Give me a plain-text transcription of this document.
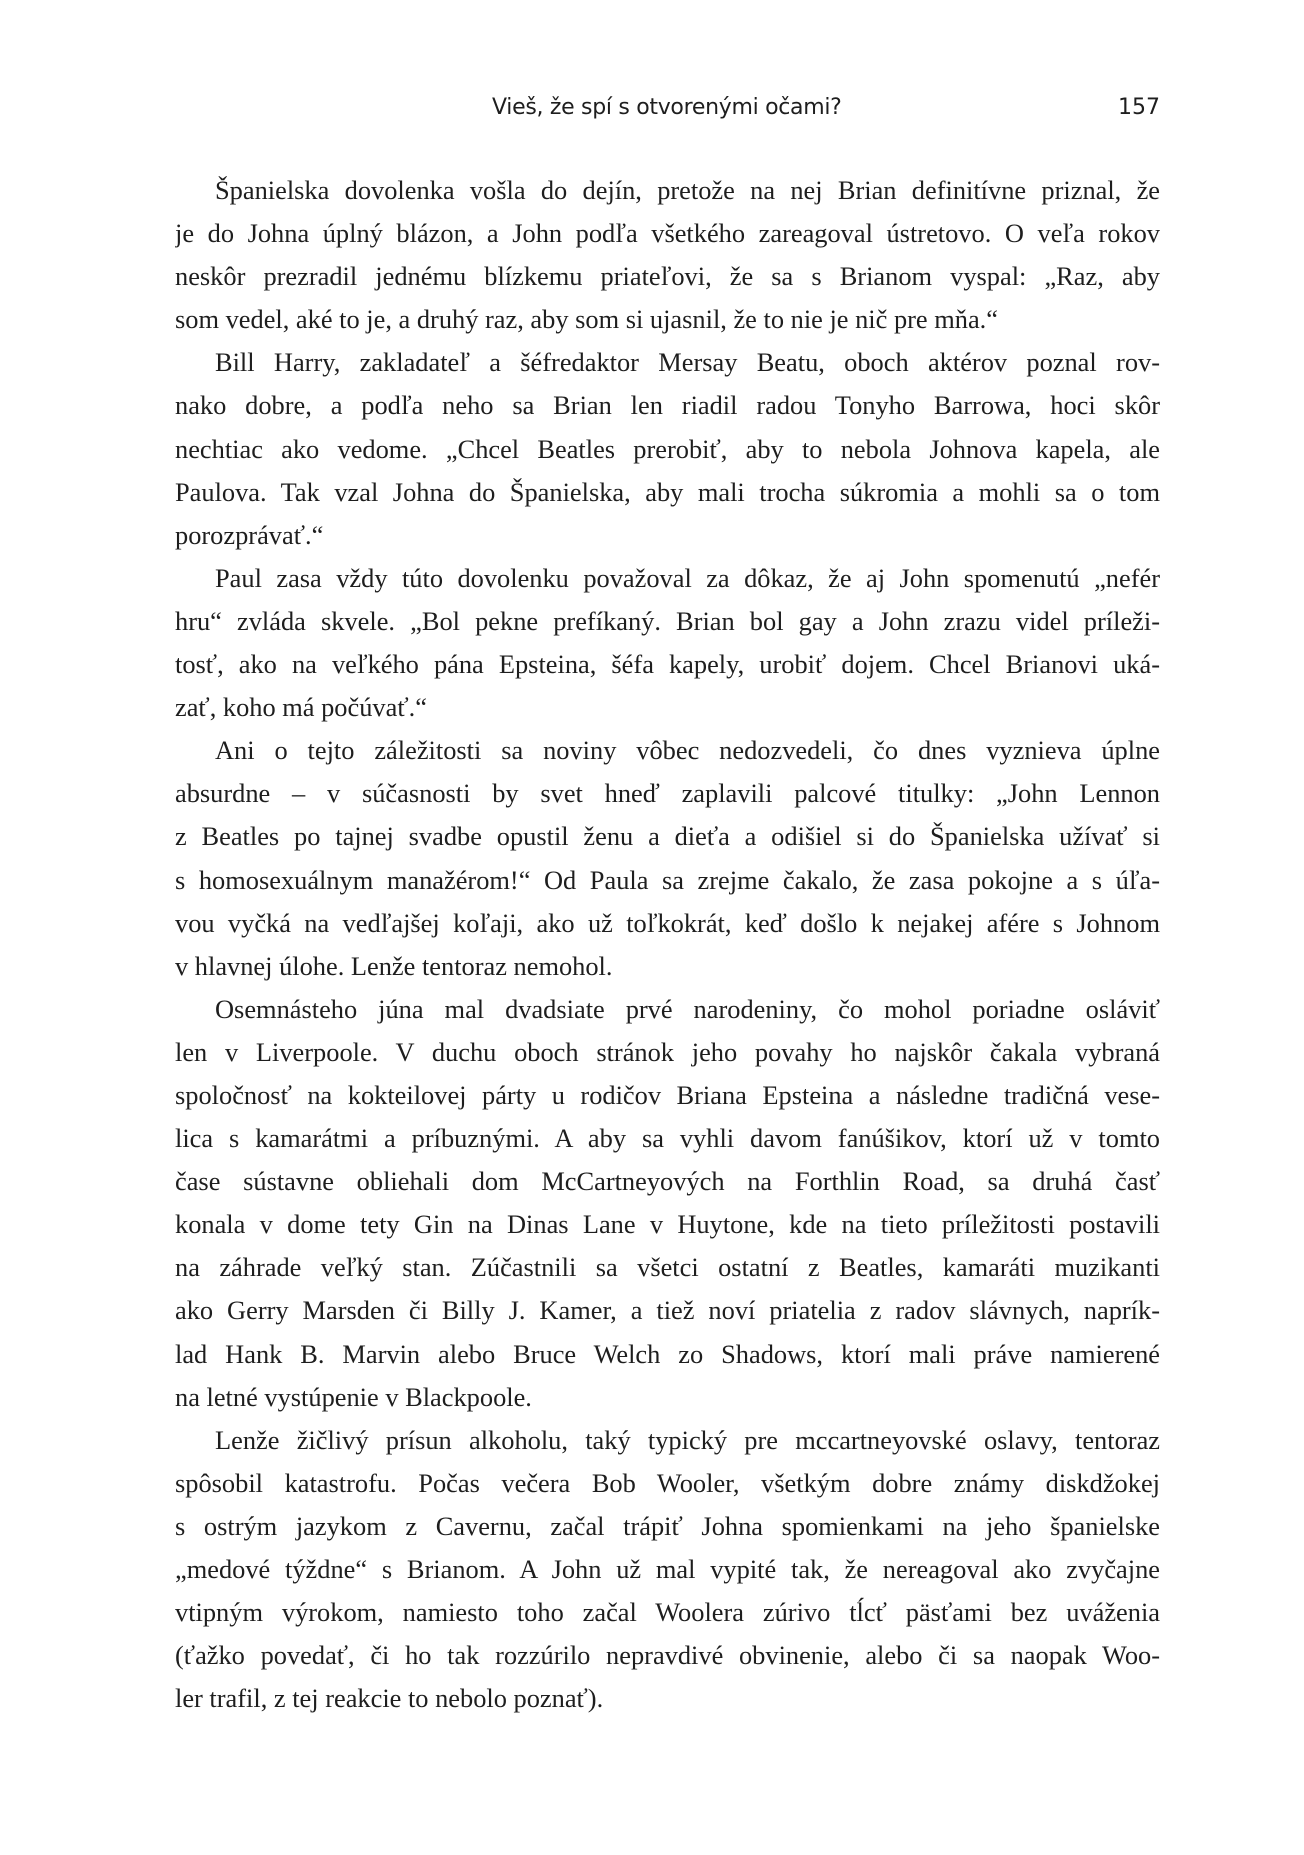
Vieš, že spí s otvorenými očami?	157
Španielska dovolenka vošla do dejín, pretože na nej Brian definitívne priznal, že
je do Johna úplný blázon, a John podľa všetkého zareagoval ústretovo. O veľa rokov
neskôr prezradil jednému blízkemu priateľovi, že sa s Brianom vyspal: „Raz, aby
som vedel, aké to je, a druhý raz, aby som si ujasnil, že to nie je nič pre mňa.“
Bill Harry, zakladateľ a šéfredaktor Mersay Beatu, oboch aktérov poznal rov-
nako dobre, a podľa neho sa Brian len riadil radou Tonyho Barrowa, hoci skôr
nechtiac ako vedome. „Chcel Beatles prerobiť, aby to nebola Johnova kapela, ale
Paulova. Tak vzal Johna do Španielska, aby mali trocha súkromia a mohli sa o tom
porozprávať.“
Paul zasa vždy túto dovolenku považoval za dôkaz, že aj John spomenutú „nefér
hru“ zvláda skvele. „Bol pekne prefíkaný. Brian bol gay a John zrazu videl príleži-
tosť, ako na veľkého pána Epsteina, šéfa kapely, urobiť dojem. Chcel Brianovi uká-
zať, koho má počúvať.“
Ani o tejto záležitosti sa noviny vôbec nedozvedeli, čo dnes vyznieva úplne
absurdne – v súčasnosti by svet hneď zaplavili palcové titulky: „John Lennon
z Beatles po tajnej svadbe opustil ženu a dieťa a odišiel si do Španielska užívať si
s homosexuálnym manažérom!“ Od Paula sa zrejme čakalo, že zasa pokojne a s úľa-
vou vyčká na vedľajšej koľaji, ako už toľkokrát, keď došlo k nejakej afére s Johnom
v hlavnej úlohe. Lenže tentoraz nemohol.
Osemnásteho júna mal dvadsiate prvé narodeniny, čo mohol poriadne osláviť
len v Liverpoole. V duchu oboch stránok jeho povahy ho najskôr čakala vybraná
spoločnosť na kokteilovej párty u rodičov Briana Epsteina a následne tradičná vese-
lica s kamarátmi a príbuznými. A aby sa vyhli davom fanúšikov, ktorí už v tomto
čase sústavne obliehali dom McCartneyových na Forthlin Road, sa druhá časť
konala v dome tety Gin na Dinas Lane v Huytone, kde na tieto príležitosti postavili
na záhrade veľký stan. Zúčastnili sa všetci ostatní z Beatles, kamaráti muzikanti
ako Gerry Marsden či Billy J. Kamer, a tiež noví priatelia z radov slávnych, naprík-
lad Hank B. Marvin alebo Bruce Welch zo Shadows, ktorí mali práve namierené
na letné vystúpenie v Blackpoole.
Lenže žičlivý prísun alkoholu, taký typický pre mccartneyovské oslavy, tentoraz
spôsobil katastrofu. Počas večera Bob Wooler, všetkým dobre známy diskdžokej
s ostrým jazykom z Cavernu, začal trápiť Johna spomienkami na jeho španielske
„medové týždne“ s Brianom. A John už mal vypité tak, že nereagoval ako zvyčajne
vtipným výrokom, namiesto toho začal Woolera zúrivo tĺcť päsťami bez uváženia
(ťažko povedať, či ho tak rozzúrilo nepravdivé obvinenie, alebo či sa naopak Woo-
ler trafil, z tej reakcie to nebolo poznať).
